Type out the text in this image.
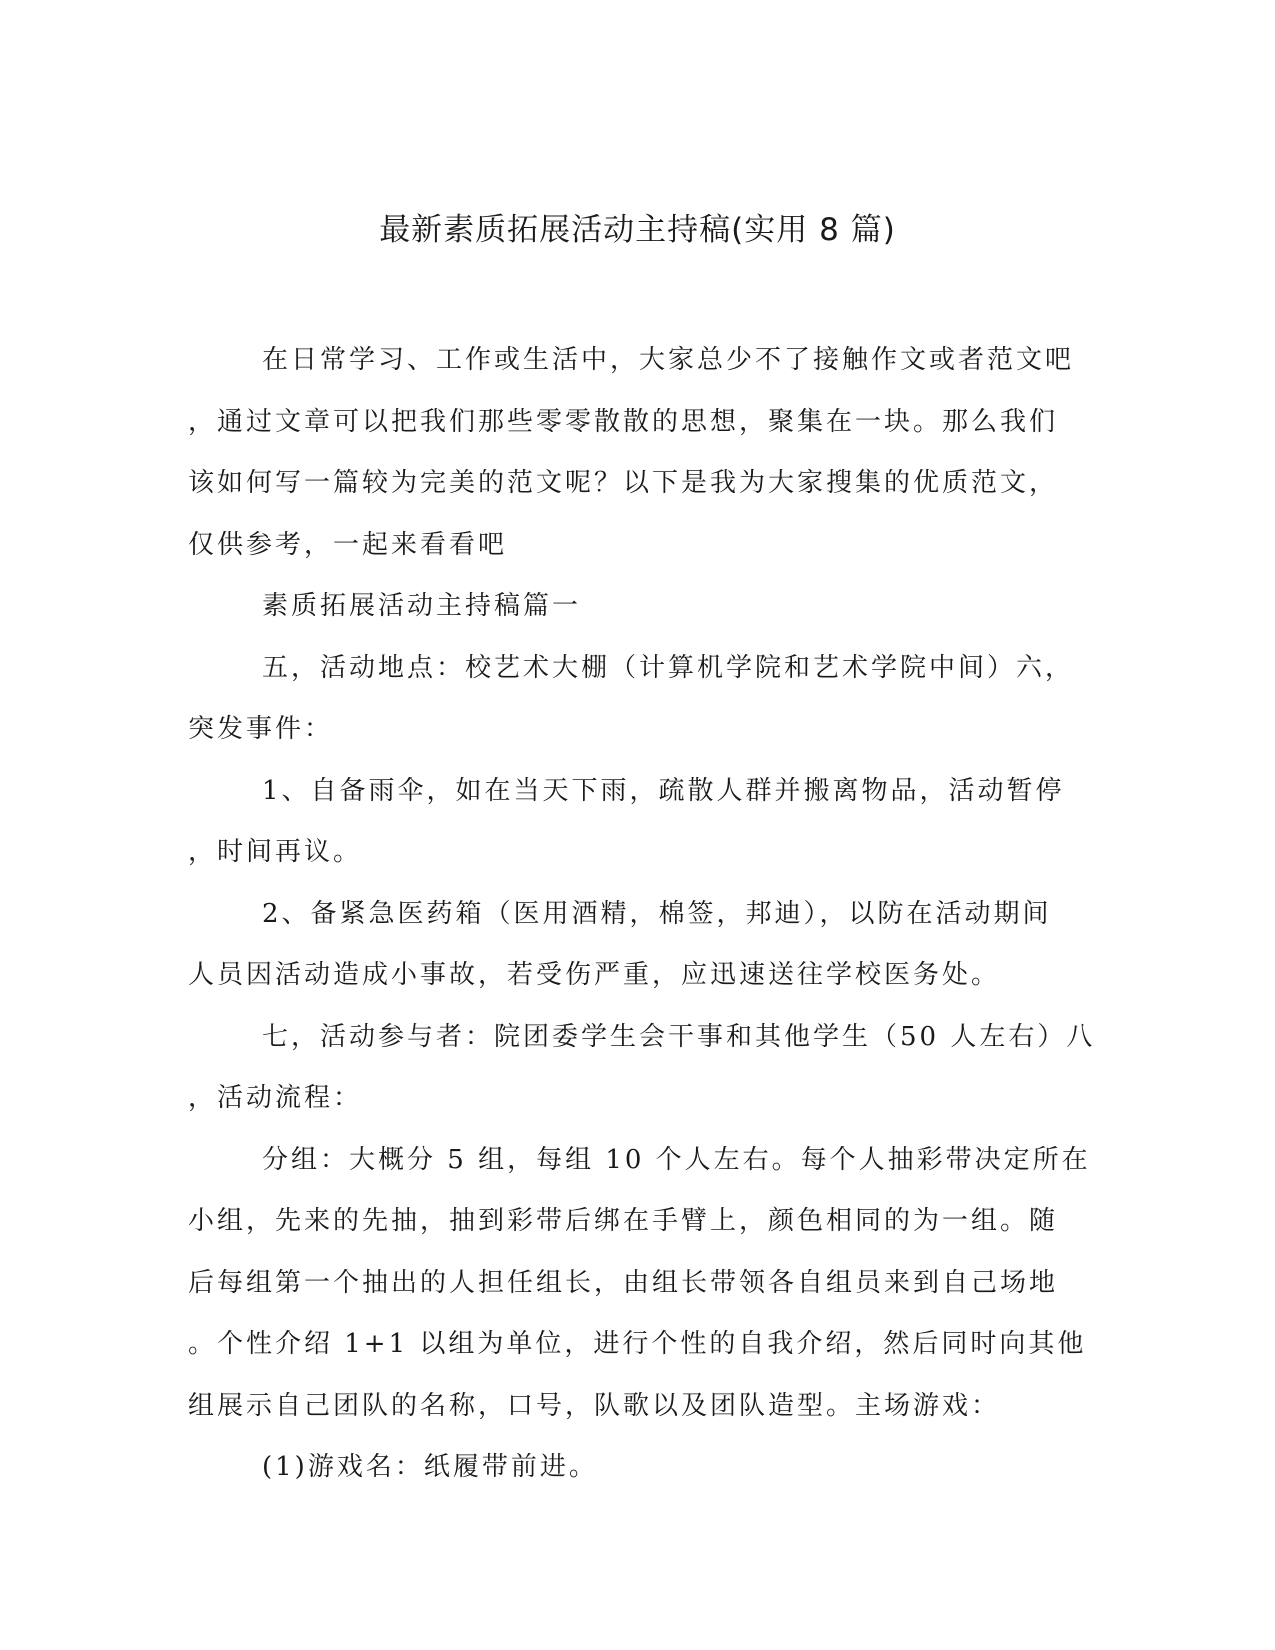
最新素质拓展活动主持稿(实用 8 篇)

在日常学习、工作或生活中，大家总少不了接触作文或者范文吧
，通过文章可以把我们那些零零散散的思想，聚集在一块。那么我们
该如何写一篇较为完美的范文呢？以下是我为大家搜集的优质范文，
仅供参考，一起来看看吧

素质拓展活动主持稿篇一

五，活动地点：校艺术大棚（计算机学院和艺术学院中间）六，
突发事件：

1、自备雨伞，如在当天下雨，疏散人群并搬离物品，活动暂停
，时间再议。

2、备紧急医药箱（医用酒精，棉签，邦迪），以防在活动期间
人员因活动造成小事故，若受伤严重，应迅速送往学校医务处。

七，活动参与者：院团委学生会干事和其他学生（50 人左右）八
，活动流程：

分组：大概分 5 组，每组 10 个人左右。每个人抽彩带决定所在
小组，先来的先抽，抽到彩带后绑在手臂上，颜色相同的为一组。随
后每组第一个抽出的人担任组长，由组长带领各自组员来到自己场地
。个性介绍 1+1 以组为单位，进行个性的自我介绍，然后同时向其他
组展示自己团队的名称，口号，队歌以及团队造型。主场游戏：

(1)游戏名：纸履带前进。
